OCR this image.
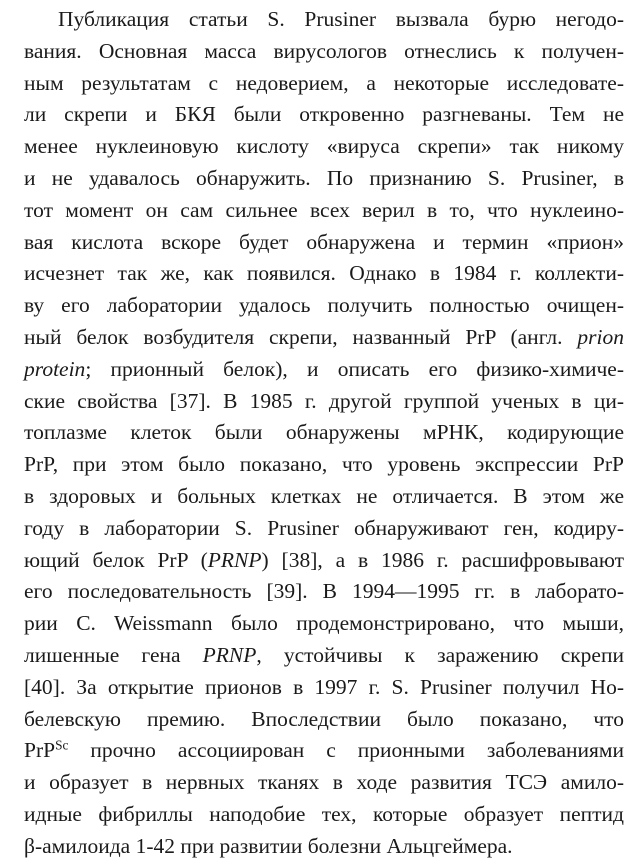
Публикация статьи S. Prusiner вызвала бурю негодо-
вания. Основная масса вирусологов отнеслись к получен-
ным результатам с недоверием, а некоторые исследовате-
ли скрепи и БКЯ были откровенно разгневаны. Тем не
менее нуклеиновую кислоту «вируса скрепи» так никому
и не удавалось обнаружить. По признанию S. Prusiner, в
тот момент он сам сильнее всех верил в то, что нуклеино-
вая кислота вскоре будет обнаружена и термин «прион»
исчезнет так же, как появился. Однако в 1984 г. коллекти-
ву его лаборатории удалось получить полностью очищен-
ный белок возбудителя скрепи, названный PrP (англ. prion
protein; прионный белок), и описать его физико-химиче-
ские свойства [37]. В 1985 г. другой группой ученых в ци-
топлазме клеток были обнаружены мРНК, кодирующие
PrP, при этом было показано, что уровень экспрессии PrP
в здоровых и больных клетках не отличается. В этом же
году в лаборатории S. Prusiner обнаруживают ген, кодиру-
ющий белок PrP (PRNP) [38], а в 1986 г. расшифровывают
его последовательность [39]. В 1994—1995 гг. в лаборато-
рии C. Weissmann было продемонстрировано, что мыши,
лишенные гена PRNP, устойчивы к заражению скрепи
[40]. За открытие прионов в 1997 г. S. Prusiner получил Но-
белевскую премию. Впоследствии было показано, что
PrP$^{Sc}$ прочно ассоциирован с прионными заболеваниями
и образует в нервных тканях в ходе развития ТСЭ амило-
идные фибриллы наподобие тех, которые образует пептид
β-амилоида 1-42 при развитии болезни Альцгеймера.
